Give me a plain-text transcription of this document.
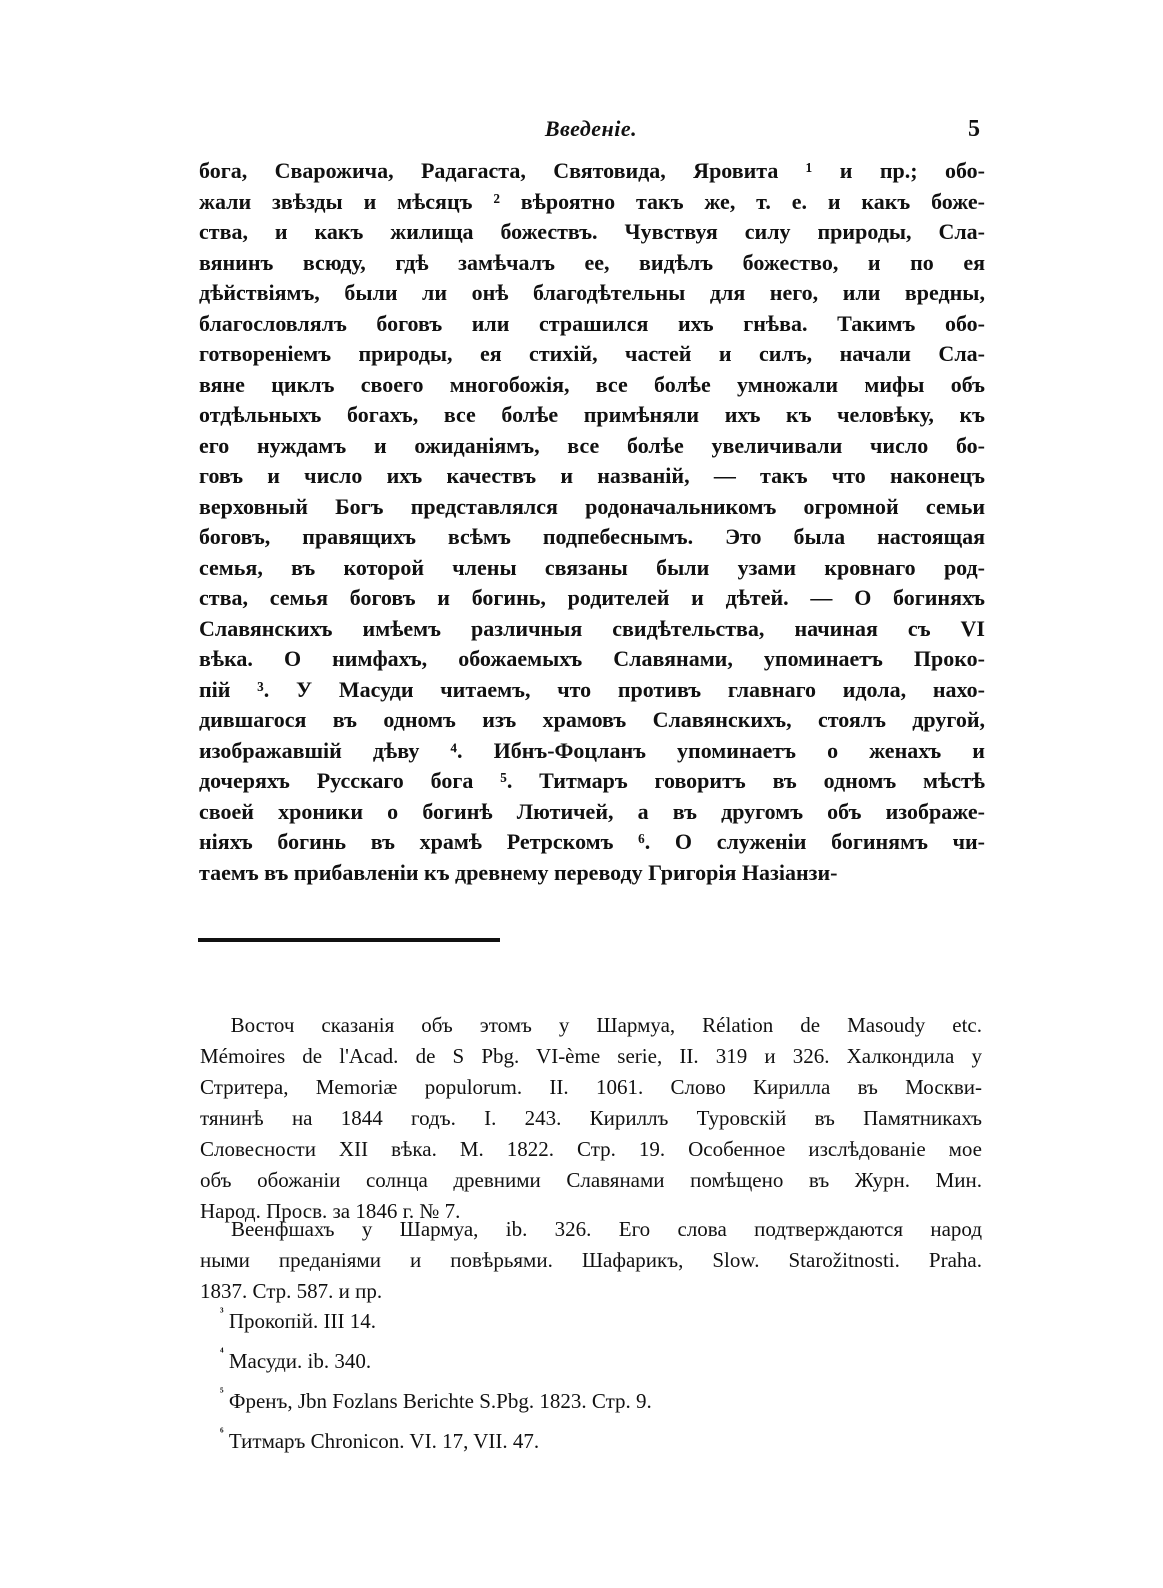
Введеніе.	5
бога, Сварожича, Радагаста, Святовида, Яровита ¹ и пр.; обо-
жали звѣзды и мѣсяцъ ² вѣроятно такъ же, т. е. и какъ боже-
ства, и какъ жилища божествъ. Чувствуя силу природы, Сла-
вянинъ всюду, гдѣ замѣчалъ ее, видѣлъ божество, и по ея
дѣйствіямъ, были ли онѣ благодѣтельны для него, или вредны,
благословлялъ боговъ или страшился ихъ гнѣва. Такимъ обо-
готвореніемъ природы, ея стихій, частей и силъ, начали Сла-
вяне циклъ своего многобожія, все болѣе умножали мифы объ
отдѣльныхъ богахъ, все болѣе примѣняли ихъ къ человѣку, къ
его нуждамъ и ожиданіямъ, все болѣе увеличивали число бо-
говъ и число ихъ качествъ и названій, — такъ что наконецъ
верховный Богъ представлялся родоначальникомъ огромной семьи
боговъ, правящихъ всѣмъ подпебеснымъ. Это была настоящая
семья, въ которой члены связаны были узами кровнаго род-
ства, семья боговъ и богинь, родителей и дѣтей. — О богиняхъ
Славянскихъ имѣемъ различныя свидѣтельства, начиная съ VI
вѣка. О нимфахъ, обожаемыхъ Славянами, упоминаетъ Проко-
пій ³. У Масуди читаемъ, что противъ главнаго идола, нахо-
дившагося въ одномъ изъ храмовъ Славянскихъ, стоялъ другой,
изображавшій дѣву ⁴. Ибнъ-Фоцланъ упоминаетъ о женахъ и
дочеряхъ Русскаго бога ⁵. Титмаръ говоритъ въ одномъ мѣстѣ
своей хроники о богинѣ Лютичей, а въ другомъ объ изображе-
ніяхъ богинь въ храмѣ Ретрскомъ ⁶. О служеніи богинямъ чи-
таемъ въ прибавленіи къ древнему переводу Григорія Назіанзи-
Восточ сказанія объ этомъ у Шармуа, Rélation de Masoudy etc.
Mémoires de l'Acad. de S Pbg. VI-ème serie, II. 319 и 326. Халкондила у
Стритера, Memoriæ populorum. II. 1061. Слово Кирилла въ Москви-
тянинѣ на 1844 годъ. I. 243. Кириллъ Туровскій въ Памятникахъ
Словесности XII вѣка. М. 1822. Стр. 19. Особенное изслѣдованіе мое
объ обожаніи солнца древними Славянами помѣщено въ Журн. Мин.
Народ. Просв. за 1846 г. № 7.
Веенфшахъ у Шармуа, ib. 326. Его слова подтверждаются народ
ными преданіями и повѣрьями. Шафарикъ, Slow. Starožitnosti. Praha.
1837. Стр. 587. и пр.
$^{^3}$ Прокопій. III 14.
$^{^4}$ Масуди. ib. 340.
$^{^5}$ Френъ, Jbn Fozlans Berichte S.Pbg. 1823. Стр. 9.
$^{^6}$ Титмаръ Chronicon. VI. 17, VII. 47.
